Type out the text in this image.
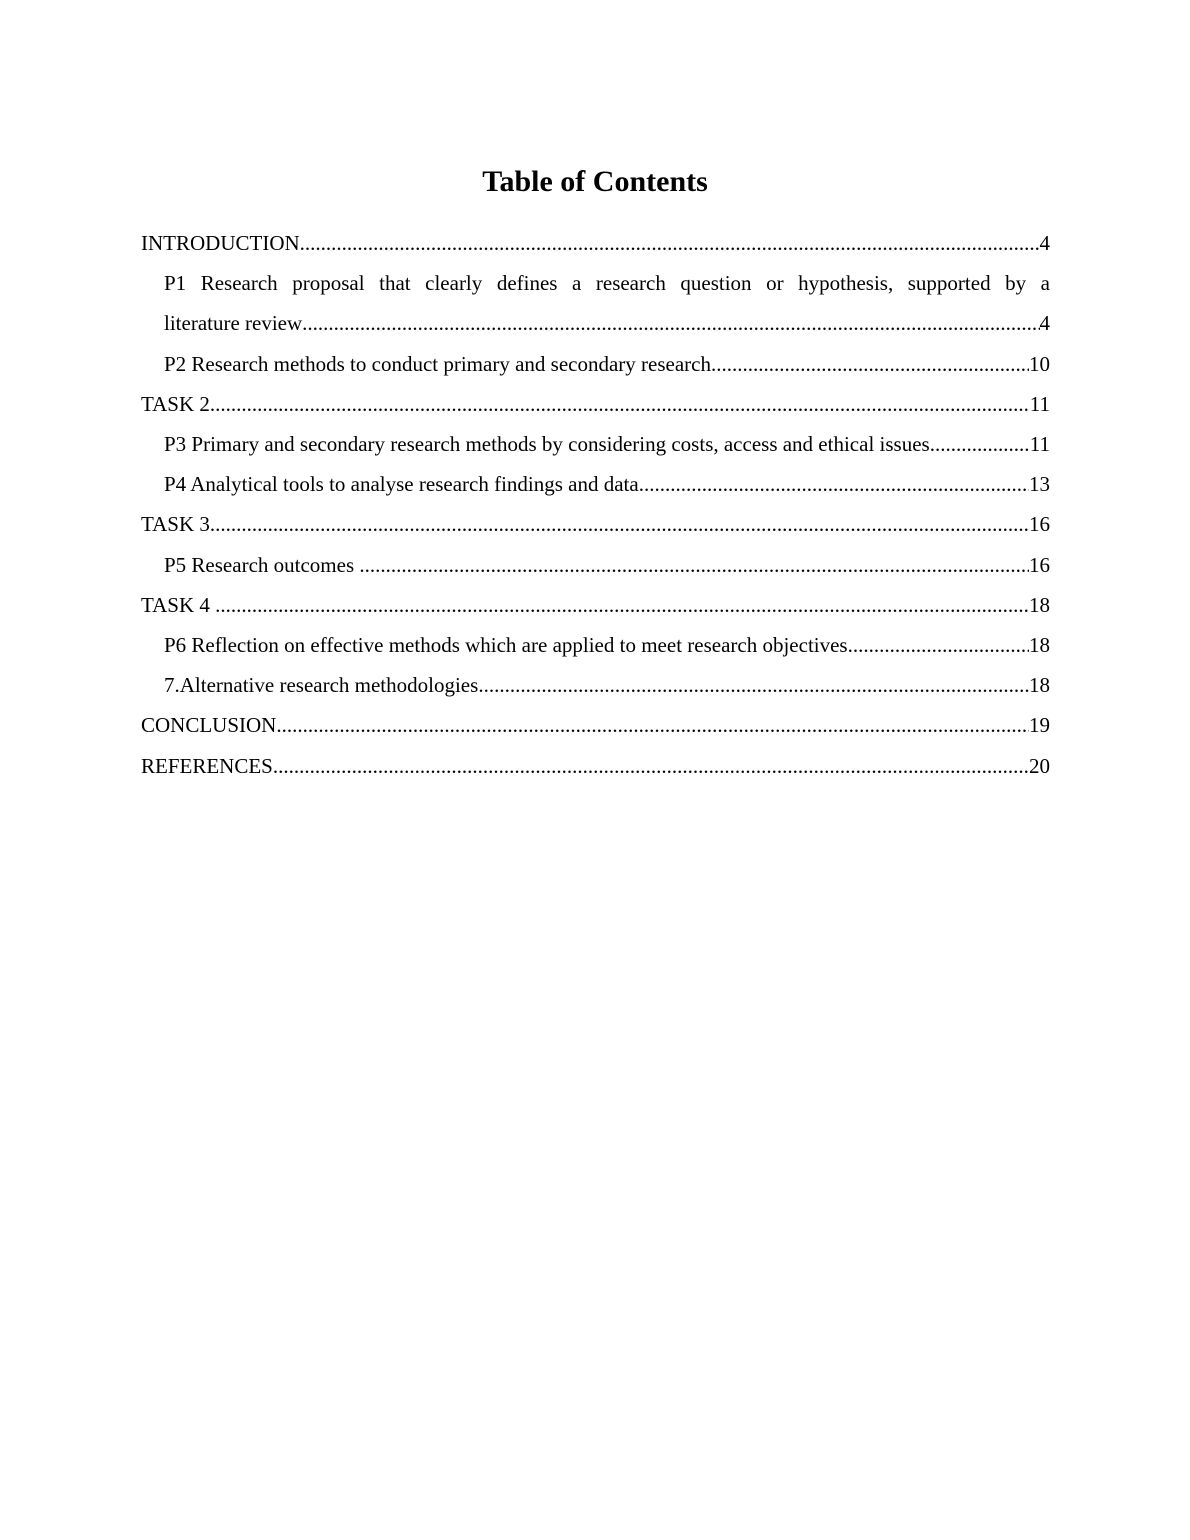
Table of Contents
INTRODUCTION .....	4
P1 Research proposal that clearly defines a research question or hypothesis, supported by a
literature review .....	4
P2 Research methods to conduct primary and secondary research .....	10
TASK 2 .....	11
P3 Primary and secondary research methods by considering costs, access and ethical issues. .....	11
P4 Analytical tools to analyse research findings and data .....	13
TASK 3 .....	16
P5 Research outcomes .....	16
TASK 4 .....	18
P6 Reflection on effective methods which are applied to meet research objectives .....	18
7.Alternative research methodologies .....	18
CONCLUSION .....	19
REFERENCES .....	20
